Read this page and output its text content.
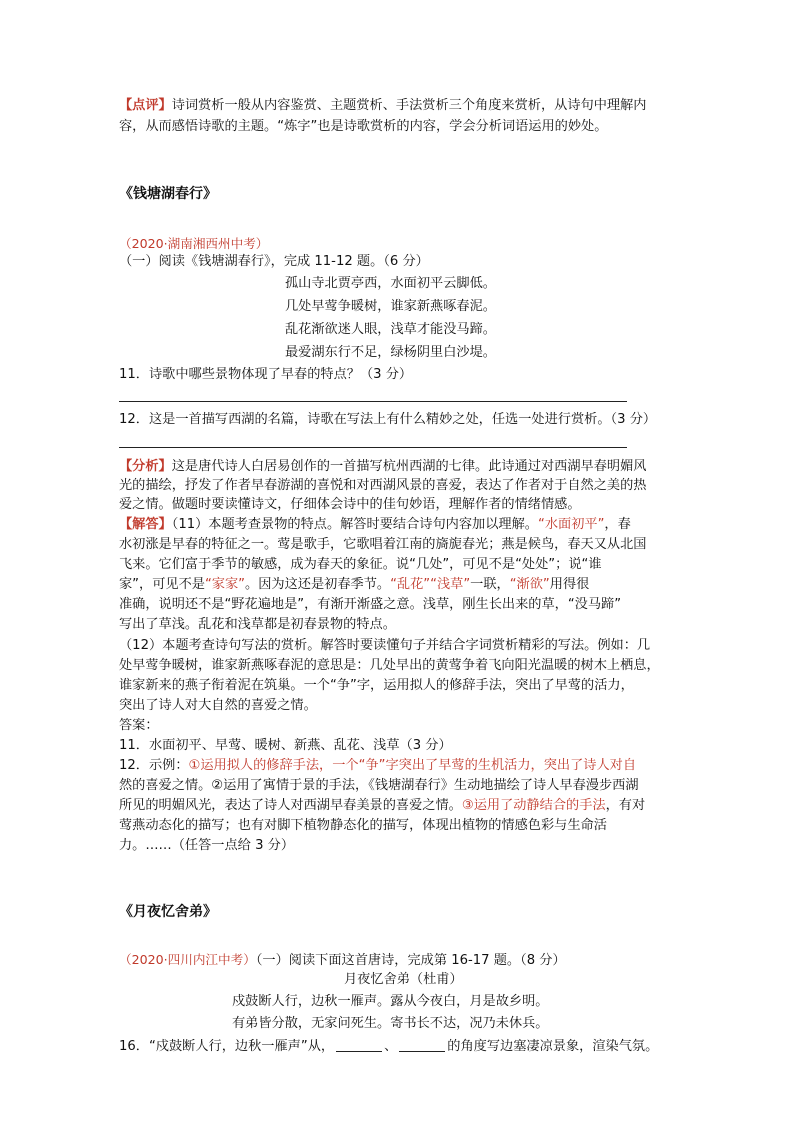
【点评】诗词赏析一般从内容鉴赏、主题赏析、手法赏析三个角度来赏析，从诗句中理解内
容，从而感悟诗歌的主题。“炼字”也是诗歌赏析的内容，学会分析词语运用的妙处。
《钱塘湖春行》
（2020·湖南湘西州中考）
（一）阅读《钱塘湖春行》，完成 11-12 题。（6 分）
孤山寺北贾亭西，水面初平云脚低。
几处早莺争暖树，谁家新燕啄春泥。
乱花渐欲迷人眼，浅草才能没马蹄。
最爱湖东行不足，绿杨阴里白沙堤。
11．诗歌中哪些景物体现了早春的特点？（3 分）
12．这是一首描写西湖的名篇，诗歌在写法上有什么精妙之处，任选一处进行赏析。（3 分）
【分析】这是唐代诗人白居易创作的一首描写杭州西湖的七律。此诗通过对西湖早春明媚风
光的描绘，抒发了作者早春游湖的喜悦和对西湖风景的喜爱，表达了作者对于自然之美的热
爱之情。做题时要读懂诗文，仔细体会诗中的佳句妙语，理解作者的情绪情感。
【解答】（11）本题考查景物的特点。解答时要结合诗句内容加以理解。“水面初平”，春
水初涨是早春的特征之一。莺是歌手，它歌唱着江南的旖旎春光；燕是候鸟，春天又从北国
飞来。它们富于季节的敏感，成为春天的象征。说“几处”，可见不是“处处”；说“谁
家”，可见不是“家家”。因为这还是初春季节。“乱花”“浅草”一联，“渐欲”用得很
准确，说明还不是“野花遍地是”，有渐开渐盛之意。浅草，刚生长出来的草，“没马蹄”
写出了草浅。乱花和浅草都是初春景物的特点。
（12）本题考查诗句写法的赏析。解答时要读懂句子并结合字词赏析精彩的写法。例如：几
处早莺争暖树，谁家新燕啄春泥的意思是：几处早出的黄莺争着飞向阳光温暖的树木上栖息，
谁家新来的燕子衔着泥在筑巢。一个“争”字，运用拟人的修辞手法，突出了早莺的活力，
突出了诗人对大自然的喜爱之情。
答案：
11．水面初平、早莺、暖树、新燕、乱花、浅草（3 分）
12．示例：①运用拟人的修辞手法，一个“争”字突出了早莺的生机活力，突出了诗人对自
然的喜爱之情。②运用了寓情于景的手法，《钱塘湖春行》生动地描绘了诗人早春漫步西湖
所见的明媚风光，表达了诗人对西湖早春美景的喜爱之情。③运用了动静结合的手法，有对
莺燕动态化的描写；也有对脚下植物静态化的描写，体现出植物的情感色彩与生命活
力。……（任答一点给 3 分）
《月夜忆舍弟》
（2020·四川内江中考）（一）阅读下面这首唐诗，完成第 16-17 题。（8 分）
月夜忆舍弟（杜甫）
戍鼓断人行，边秋一雁声。露从今夜白，月是故乡明。
有弟皆分散，无家问死生。寄书长不达，况乃未休兵。
16．“戍鼓断人行，边秋一雁声”从，	、	的角度写边塞凄凉景象，渲染气氛。
